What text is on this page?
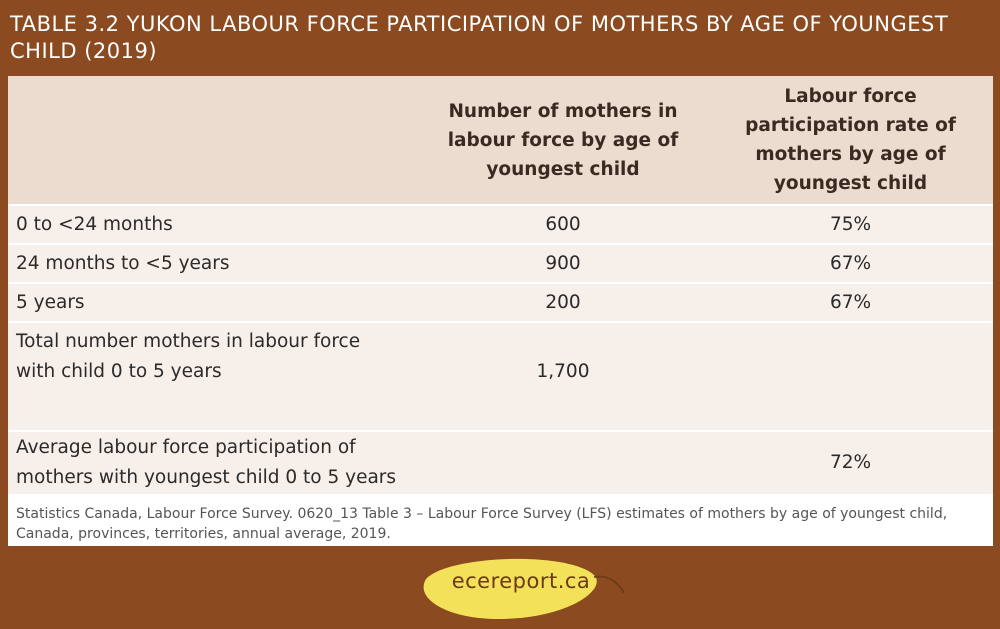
TABLE 3.2 YUKON LABOUR FORCE PARTICIPATION OF MOTHERS BY AGE OF YOUNGEST CHILD (2019)

	Number of mothers in labour force by age of youngest child	Labour force participation rate of mothers by age of youngest child

0 to <24 months	600	75%
24 months to <5 years	900	67%
5 years	200	67%

Total number mothers in labour force with child 0 to 5 years	1,700	

Average labour force participation of mothers with youngest child 0 to 5 years		72%
Statistics Canada, Labour Force Survey. 0620_13 Table 3 – Labour Force Survey (LFS) estimates of mothers by age of youngest child, Canada, provinces, territories, annual average, 2019.
ecereport.ca
